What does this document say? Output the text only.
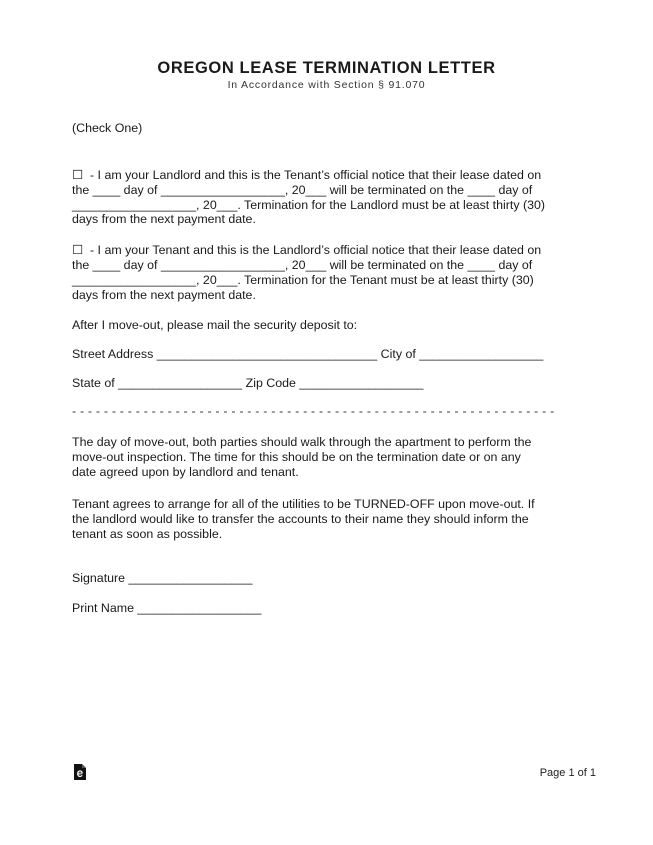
OREGON LEASE TERMINATION LETTER
In Accordance with Section § 91.070
(Check One)
☐  - I am your Landlord and this is the Tenant’s official notice that their lease dated on
the ____ day of __________________, 20___ will be terminated on the ____ day of
__________________, 20___. Termination for the Landlord must be at least thirty (30)
days from the next payment date.
☐  - I am your Tenant and this is the Landlord’s official notice that their lease dated on
the ____ day of __________________, 20___ will be terminated on the ____ day of
__________________, 20___. Termination for the Tenant must be at least thirty (30)
days from the next payment date.
After I move-out, please mail the security deposit to:
Street Address ________________________________ City of __________________
State of __________________ Zip Code __________________
- - - - - - - - - - - - - - - - - - - - - - - - - - - - - - - - - - - - - - - - - - - - - - - - - - - - - - - - - - - - -
The day of move-out, both parties should walk through the apartment to perform the
move-out inspection. The time for this should be on the termination date or on any
date agreed upon by landlord and tenant.
Tenant agrees to arrange for all of the utilities to be TURNED-OFF upon move-out. If
the landlord would like to transfer the accounts to their name they should inform the
tenant as soon as possible.
Signature __________________
Print Name __________________
Page 1 of 1
